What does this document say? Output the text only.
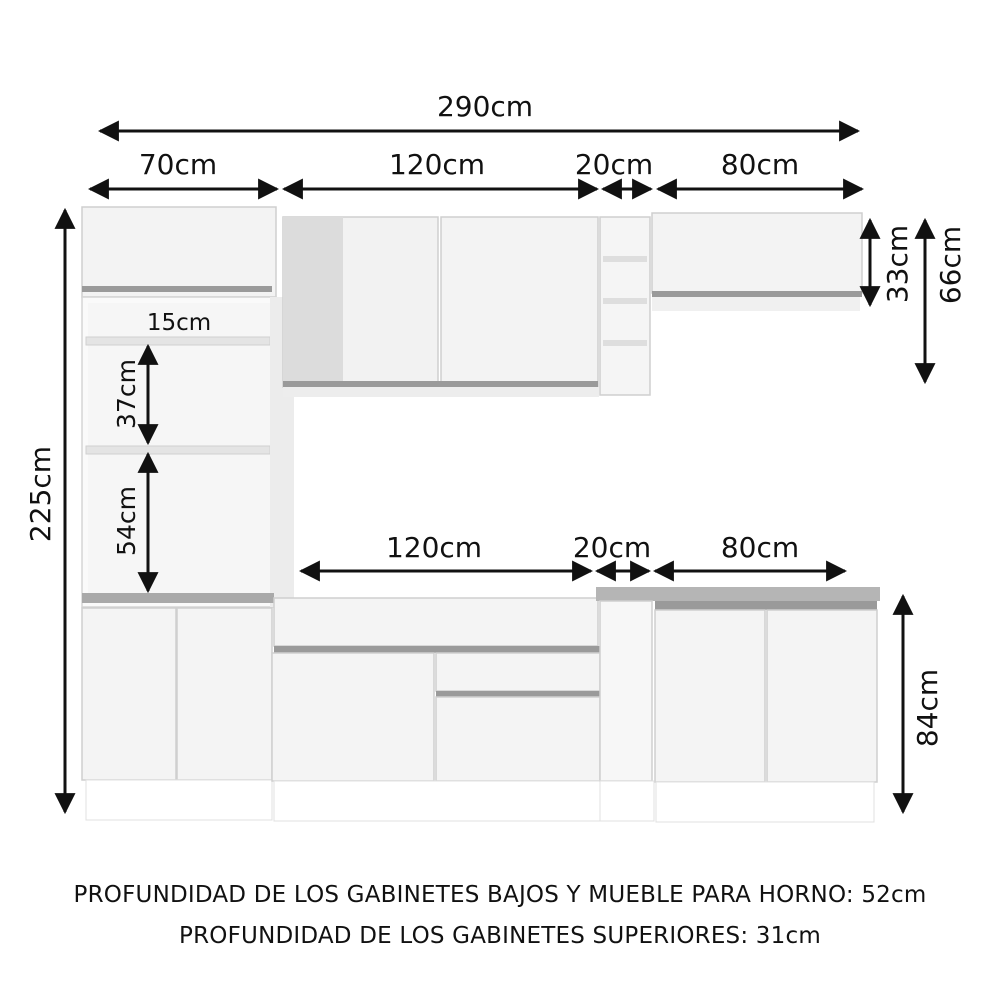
290cm
70cm	120cm	20cm 80cm
15cm
225cm
37cm
54cm
33cm 66cm
120cm	20cm 80cm
84cm
PROFUNDIDAD DE LOS GABINETES BAJOS Y MUEBLE PARA HORNO: 52cm
PROFUNDIDAD DE LOS GABINETES SUPERIORES: 31cm
